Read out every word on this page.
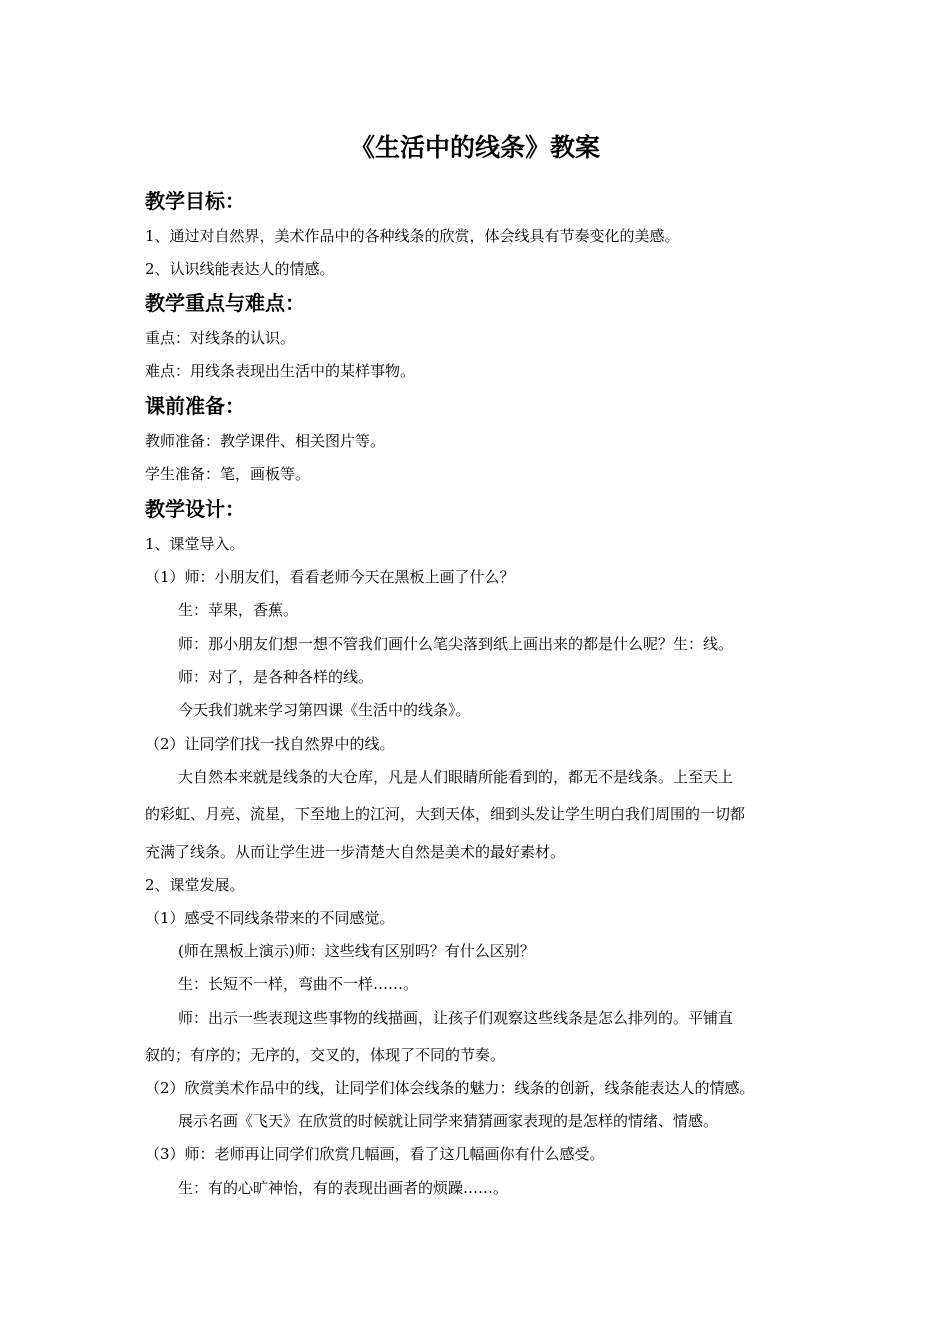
《生活中的线条》教案
教学目标：
1、通过对自然界，美术作品中的各种线条的欣赏，体会线具有节奏变化的美感。
2、认识线能表达人的情感。
教学重点与难点：
重点：对线条的认识。
难点：用线条表现出生活中的某样事物。
课前准备：
教师准备：教学课件、相关图片等。
学生准备：笔，画板等。
教学设计：
1、课堂导入。
（1）师：小朋友们，看看老师今天在黑板上画了什么？
生：苹果，香蕉。
师：那小朋友们想一想不管我们画什么笔尖落到纸上画出来的都是什么呢？生：线。
师：对了，是各种各样的线。
今天我们就来学习第四课《生活中的线条》。
（2）让同学们找一找自然界中的线。
大自然本来就是线条的大仓库，凡是人们眼睛所能看到的，都无不是线条。上至天上
的彩虹、月亮、流星，下至地上的江河，大到天体，细到头发让学生明白我们周围的一切都
充满了线条。从而让学生进一步清楚大自然是美术的最好素材。
2、课堂发展。
（1）感受不同线条带来的不同感觉。
(师在黑板上演示)师：这些线有区别吗？有什么区别？
生：长短不一样，弯曲不一样……。
师：出示一些表现这些事物的线描画，让孩子们观察这些线条是怎么排列的。平铺直
叙的；有序的；无序的，交叉的，体现了不同的节奏。
（2）欣赏美术作品中的线，让同学们体会线条的魅力：线条的创新，线条能表达人的情感。
展示名画《飞天》在欣赏的时候就让同学来猜猜画家表现的是怎样的情绪、情感。
（3）师：老师再让同学们欣赏几幅画，看了这几幅画你有什么感受。
生：有的心旷神怡，有的表现出画者的烦躁……。
